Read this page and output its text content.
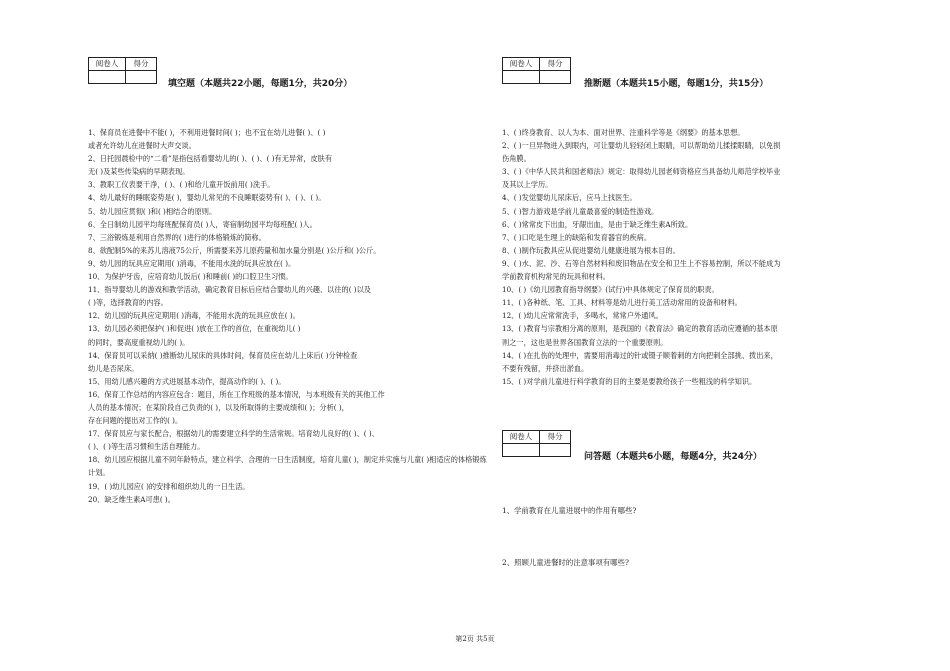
阅卷人	得分

填空题（本题共22小题，每题1分，共20分）
1、保育员在进餐中不能( )，不利用进餐时间( )；也不宜在幼儿进餐( )、( )
或者允许幼儿在进餐时大声交谈。
2、日托园晨检中的“二看”是指包括看婴幼儿的( )、( )、( )有无异常，皮肤有
无( )及某些传染病的早期表现。
3、教职工仪表要干净，( )、( )和给儿童开饭前用( )洗手。
4、幼儿最好的睡眠姿势是( )，婴幼儿常见的不良睡眠姿势有( )、( )、( )。
5、幼儿园应贯彻( )和( )相结合的原则。
6、全日制幼儿园平均每班配保育员( )人，寄宿制幼园平均每班配( )人。
7、三浴锻炼是利用自然界的( )进行的体格锻炼的简称。
8、欲配制5%的来苏儿溶液75公斤，所需要来苏儿原药量和加水量分别是( )公斤和( )公斤。
9、幼儿园的玩具应定期用( )消毒，不能用水洗的玩具应放在( )。
10、为保护牙齿，应培育幼儿饭后( )和睡前( )的口腔卫生习惯。
11、指导婴幼儿的游戏和教学活动，确定教育目标后应结合婴幼儿的兴趣、以往的( )以及
( )等，选择教育的内容。
12、幼儿园的玩具应定期用( )消毒，不能用水洗的玩具应放在( )。
13、幼儿园必须把保护( )和促进( )放在工作的首位，在重视幼儿( )
的同时，要高度重视幼儿的( )。
14、保育员可以采纳( )推断幼儿尿床的具体时间，保育员应在幼儿上床后( )分钟检查
幼儿是否尿床。
15、用幼儿感兴趣的方式进展基本动作，提高动作的( )、( )。
16、保育工作总结的内容应包含：题目，所在工作班级的基本情况，与本班级有关的其他工作
人员的基本情况；在某阶段自己负责的( )，以及所取得的主要成绩和( )；分析( )，
存在问题的提出对工作的( )。
17、保育员应与家长配合，根据幼儿的需要建立科学的生活常规。培育幼儿良好的( )、( )、
( )、( )等生活习惯和生活自理能力。
18、幼儿园应根据儿童不同年龄特点，建立科学、合理的一日生活制度，培育儿童( )，制定并实施与儿童( )相适应的体格锻炼计划。
19、( )幼儿园应( )的安排和组织幼儿的一日生活。
20、缺乏维生素A可患( )。
阅卷人	得分

推断题（本题共15小题，每题1分，共15分）
1、( )终身教育、以人为本、面对世界、注重科学等是《纲要》的基本思想。
2、( )一旦异物进入到眼内，可让婴幼儿轻轻闭上眼睛，可以帮助幼儿揉揉眼睛，以免损
伤角膜。
3、( )《中华人民共和国老师法》规定：取得幼儿园老师资格应当具备幼儿师范学校毕业
及其以上学历。
4、( )发觉婴幼儿尿床后，应马上找医生。
5、( )智力游戏是学前儿童最喜爱的制造性游戏。
6、( )常常皮下出血，牙龈出血，是由于缺乏维生素A所致。
7、( )口吃是生理上的缺陷和发育器官的疾病。
8、( )制作玩教具应从促进婴幼儿健康进展为根本目的。
9、( )水、泥、沙、石等自然材料和废旧物品在安全和卫生上不容易控制，所以不能成为
学前教育机构常见的玩具和材料。
10、( )《幼儿园教育指导纲要》(试行)中具体规定了保育员的职责。
11、( )各种纸、笔、工具、材料等是幼儿进行美工活动常用的设备和材料。
12、( )幼儿应常常洗手，多喝水，常常户外通风。
13、( )教育与宗教相分离的原则，是我国的《教育法》确定的教育活动应遵循的基本原
则之一，这也是世界各国教育立法的一个重要原则。
14、( )在扎伤的处理中，需要用消毒过的针或镊子顺着刺的方向把刺全部挑、拨出来，
不要有残留，并挤出淤血。
15、( )对学前儿童进行科学教育的目的主要是要教给孩子一些粗浅的科学知识。
阅卷人	得分

问答题（本题共6小题，每题4分，共24分）
1、学前教育在儿童进展中的作用有哪些?
2、照顾儿童进餐时的注意事项有哪些?
第2页 共5页
